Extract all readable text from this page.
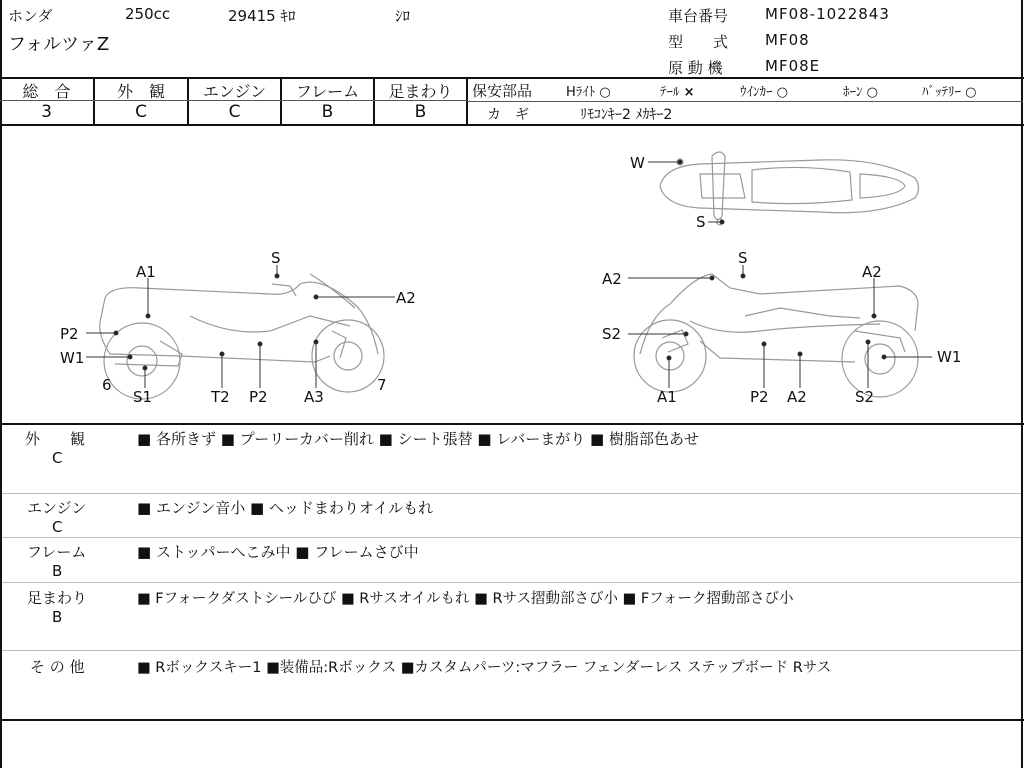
ホンダ	250cc	29415 ｷﾛ	ｼﾛ
フォルツァZ
車台番号 MF08-1022843
型　　式 MF08
原 動 機	MF08E
総　合	外　観	エンジン	フレーム	足まわり
3	C	C	B	B
保安部品	Hﾗｲﾄ ○	ﾃｰﾙ ×	ｳｲﾝｶｰ ○	ﾎｰﾝ ○	ﾊﾞｯﾃﾘｰ ○
カ　ギ	ﾘﾓｺﾝｷｰ2 ﾒｶｷｰ2
W
S
A1
S
A2
P2
W1
6
S1	T2 P2 A3
7
A2
S
A2
S2
W1
A1	P2 A2	S2
外　　観
C
■ 各所きず ■ プーリーカバー削れ ■ シート張替 ■ レバーまがり ■ 樹脂部色あせ
エンジン
C
■ エンジン音小 ■ ヘッドまわりオイルもれ
フレーム
B
■ ストッパーへこみ中 ■ フレームさび中
足まわり
B
■ Fフォークダストシールひび ■ Rサスオイルもれ ■ Rサス摺動部さび小 ■ Fフォーク摺動部さび小
そ の 他	■ Rボックスキー1 ■装備品:Rボックス ■カスタムパーツ:マフラー フェンダーレス ステップボード Rサス
